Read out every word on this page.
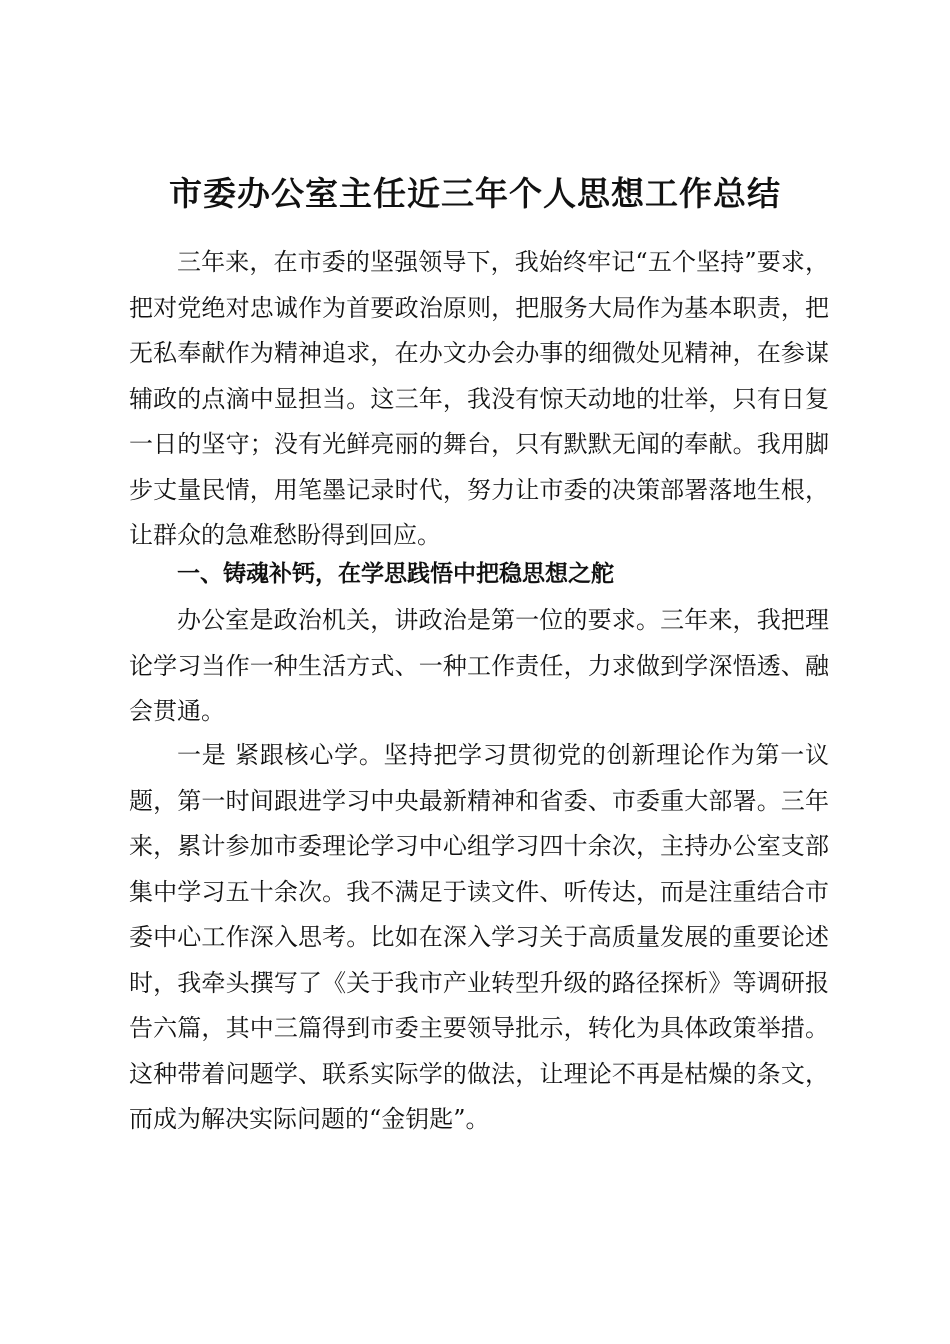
市委办公室主任近三年个人思想工作总结

三年来，在市委的坚强领导下，我始终牢记“五个坚持”要求，把对党绝对忠诚作为首要政治原则，把服务大局作为基本职责，把无私奉献作为精神追求，在办文办会办事的细微处见精神，在参谋辅政的点滴中显担当。这三年，我没有惊天动地的壮举，只有日复一日的坚守；没有光鲜亮丽的舞台，只有默默无闻的奉献。我用脚步丈量民情，用笔墨记录时代，努力让市委的决策部署落地生根，让群众的急难愁盼得到回应。

一、铸魂补钙，在学思践悟中把稳思想之舵

办公室是政治机关，讲政治是第一位的要求。三年来，我把理论学习当作一种生活方式、一种工作责任，力求做到学深悟透、融会贯通。

一是 紧跟核心学。坚持把学习贯彻党的创新理论作为第一议题，第一时间跟进学习中央最新精神和省委、市委重大部署。三年来，累计参加市委理论学习中心组学习四十余次，主持办公室支部集中学习五十余次。我不满足于读文件、听传达，而是注重结合市委中心工作深入思考。比如在深入学习关于高质量发展的重要论述时，我牵头撰写了《关于我市产业转型升级的路径探析》等调研报告六篇，其中三篇得到市委主要领导批示，转化为具体政策举措。这种带着问题学、联系实际学的做法，让理论不再是枯燥的条文，而成为解决实际问题的“金钥匙”。
